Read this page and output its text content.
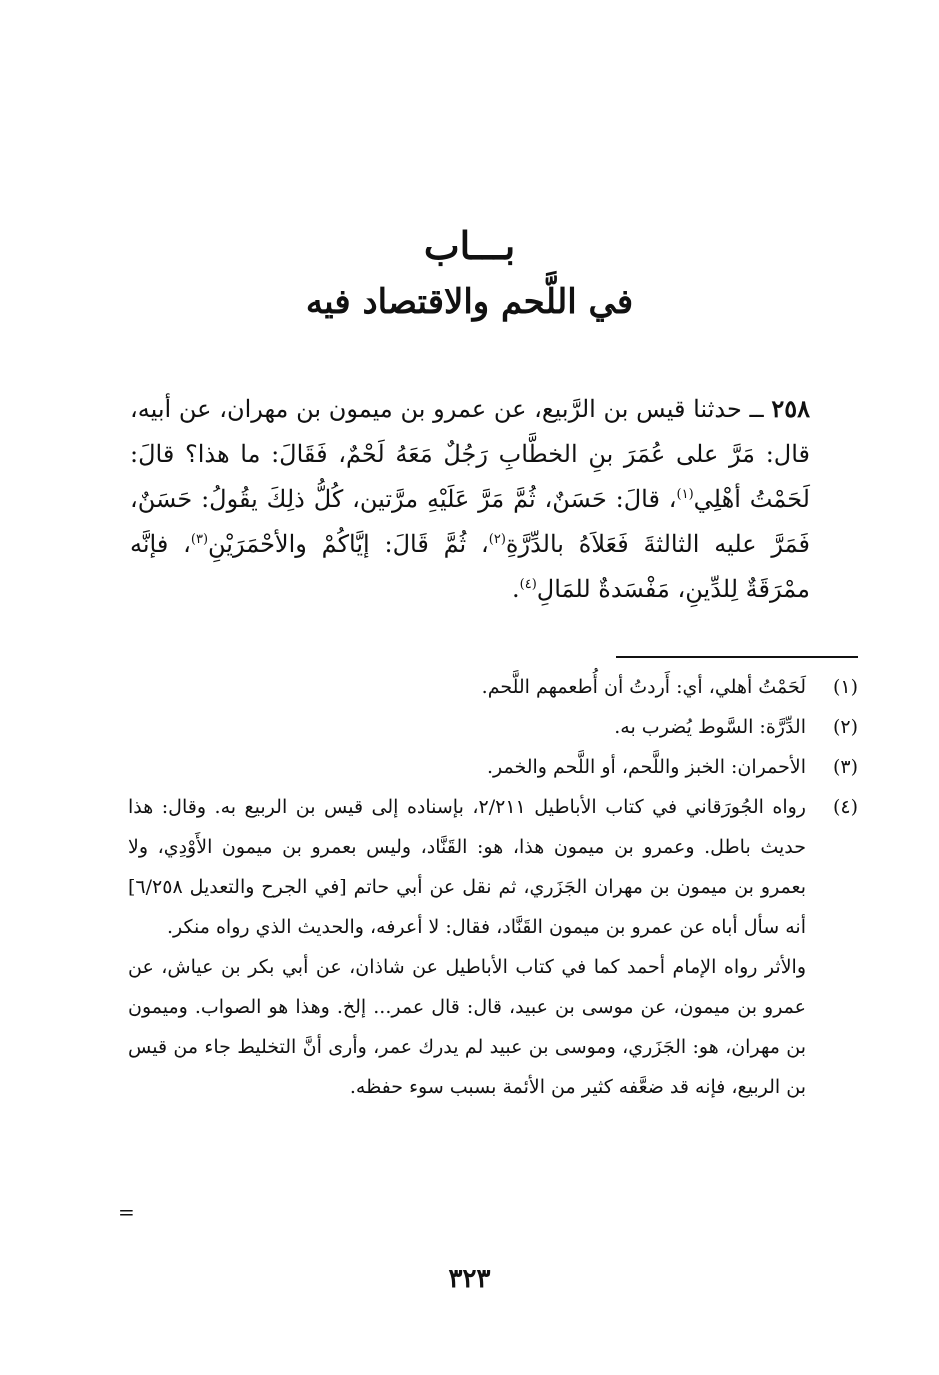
بـــاب
في اللَّحم والاقتصاد فيه
٢٥٨ ــ حدثنا قيس بن الرَّبيع، عن عمرو بن ميمون بن مهران، عن أبيه، قال: مَرَّ على عُمَرَ بنِ الخطَّابِ رَجُلٌ مَعَهُ لَحْمٌ، فَقَالَ: ما هذا؟ قالَ: لَحَمْتُ أهْلِي$^{(١)}$، قالَ: حَسَنٌ، ثُمَّ مَرَّ عَلَيْهِ مرَّتين، كُلُّ ذلِكَ يقُولُ: حَسَنٌ، فَمَرَّ عليه الثالثةَ فَعَلاَهُ بالدِّرَّةِ$^{(٢)}$، ثُمَّ قَالَ: إيَّاكُمْ والأحْمَرَيْنِ$^{(٣)}$، فإنَّه ممْرَقَةٌ لِلدِّينِ، مَفْسَدةٌ للمَالِ$^{(٤)}$.
(١)
لَحَمْتُ أهلي، أي: أَردتُ أن أُطعمهم اللَّحم.
(٢)
الدِّرَّة: السَّوط يُضرب به.
(٣)
الأحمران: الخبز واللَّحم، أو اللَّحم والخمر.
(٤)
رواه الجُورَقاني في كتاب الأباطيل ٢/٢١١، بإسناده إلى قيس بن الربيع به. وقال: هذا حديث باطل. وعمرو بن ميمون هذا، هو: القَنَّاد، وليس بعمرو بن ميمون الأَوْدِي، ولا بعمرو بن ميمون بن مهران الجَزَري، ثم نقل عن أبي حاتم [في الجرح والتعديل ٦/٢٥٨] أنه سأل أباه عن عمرو بن ميمون القَنَّاد، فقال: لا أعرفه، والحديث الذي رواه منكر.
والأثر رواه الإمام أحمد كما في كتاب الأباطيل عن شاذان، عن أبي بكر بن عياش، عن عمرو بن ميمون، عن موسى بن عبيد، قال: قال عمر... إلخ. وهذا هو الصواب. وميمون بن مهران، هو: الجَزَري، وموسى بن عبيد لم يدرك عمر، وأرى أنَّ التخليط جاء من قيس بن الربيع، فإنه قد ضعَّفه كثير من الأئمة بسبب سوء حفظه.
=
٣٢٣
